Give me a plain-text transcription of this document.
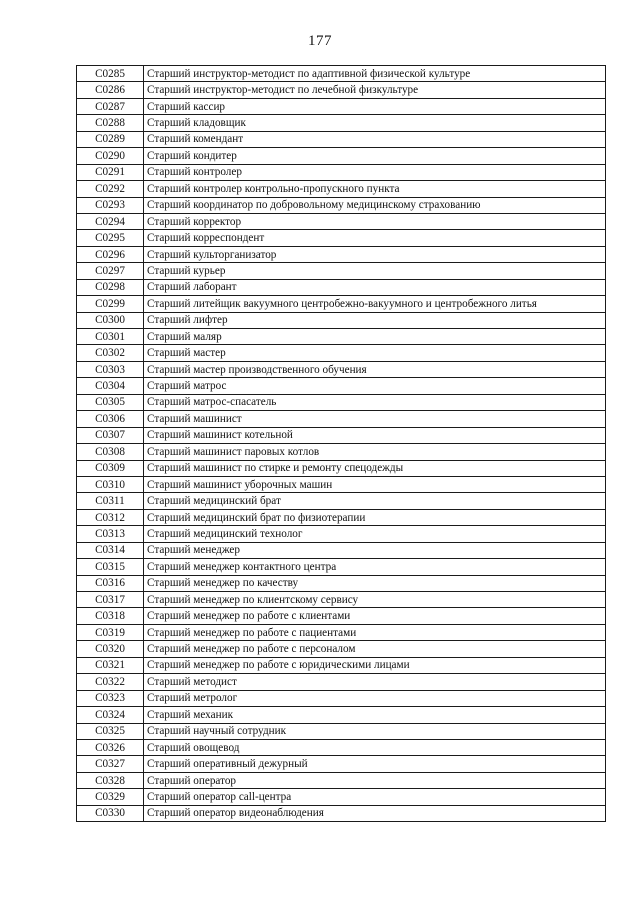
177
C0285	Старший инструктор-методист по адаптивной физической культуре
C0286	Старший инструктор-методист по лечебной физкультуре
C0287	Старший кассир
C0288	Старший кладовщик
C0289	Старший комендант
C0290	Старший кондитер
C0291	Старший контролер
C0292	Старший контролер контрольно-пропускного пункта
C0293	Старший координатор по добровольному медицинскому страхованию
C0294	Старший корректор
C0295	Старший корреспондент
C0296	Старший культорганизатор
C0297	Старший курьер
C0298	Старший лаборант
C0299	Старший литейщик вакуумного центробежно-вакуумного и центробежного литья
C0300	Старший лифтер
C0301	Старший маляр
C0302	Старший мастер
C0303	Старший мастер производственного обучения
C0304	Старший матрос
C0305	Старший матрос-спасатель
C0306	Старший машинист
C0307	Старший машинист котельной
C0308	Старший машинист паровых котлов
C0309	Старший машинист по стирке и ремонту спецодежды
C0310	Старший машинист уборочных машин
C0311	Старший медицинский брат
C0312	Старший медицинский брат по физиотерапии
C0313	Старший медицинский технолог
C0314	Старший менеджер
C0315	Старший менеджер контактного центра
C0316	Старший менеджер по качеству
C0317	Старший менеджер по клиентскому сервису
C0318	Старший менеджер по работе с клиентами
C0319	Старший менеджер по работе с пациентами
C0320	Старший менеджер по работе с персоналом
C0321	Старший менеджер по работе с юридическими лицами
C0322	Старший методист
C0323	Старший метролог
C0324	Старший механик
C0325	Старший научный сотрудник
C0326	Старший овощевод
C0327	Старший оперативный дежурный
C0328	Старший оператор
C0329	Старший оператор call-центра
C0330	Старший оператор видеонаблюдения
